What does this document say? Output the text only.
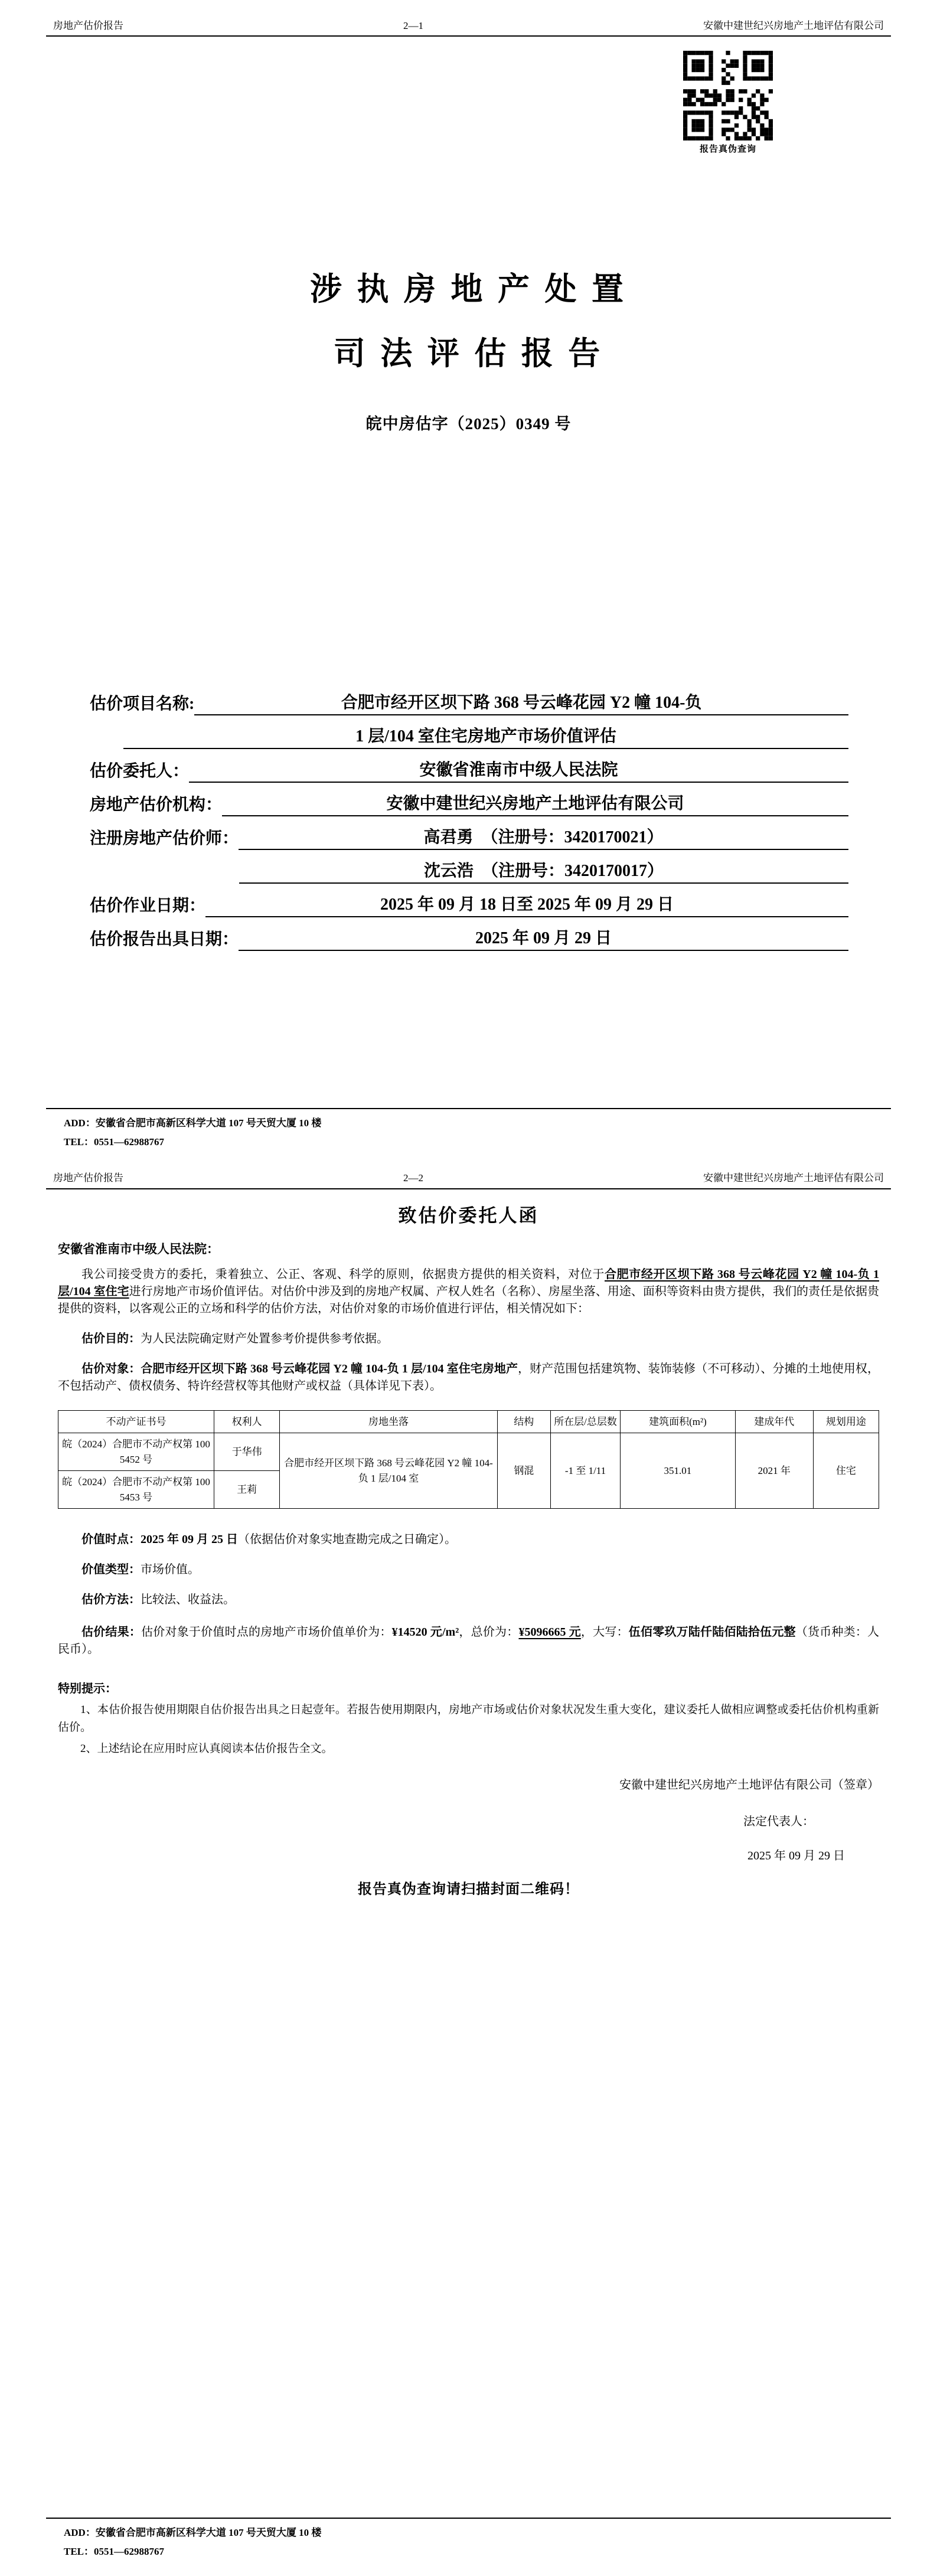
房地产估价报告	2—1	安徽中建世纪兴房地产土地评估有限公司
报告真伪查询
涉 执 房 地 产 处 置
司 法 评 估 报 告
皖中房估字（2025）0349 号
估价项目名称:	合肥市经开区坝下路 368 号云峰花园 Y2 幢 104-负
1 层/104 室住宅房地产市场价值评估
估价委托人：	安徽省淮南市中级人民法院
房地产估价机构：	安徽中建世纪兴房地产土地评估有限公司
注册房地产估价师：	高君勇　（注册号：3420170021）
沈云浩　（注册号：3420170017）
估价作业日期：	2025 年 09 月 18 日至 2025 年 09 月 29 日
估价报告出具日期：	2025 年 09 月 29 日
ADD：安徽省合肥市高新区科学大道 107 号天贸大厦 10 楼
TEL：0551—62988767
房地产估价报告	2—2	安徽中建世纪兴房地产土地评估有限公司
致估价委托人函
安徽省淮南市中级人民法院：

我公司接受贵方的委托，秉着独立、公正、客观、科学的原则，依据贵方提供的相关资料，对位于合肥市经开区坝下路 368 号云峰花园 Y2 幢 104-负 1 层/104 室住宅进行房地产市场价值评估。对估价中涉及到的房地产权属、产权人姓名（名称）、房屋坐落、用途、面积等资料由贵方提供，我们的责任是依据贵提供的资料，以客观公正的立场和科学的估价方法，对估价对象的市场价值进行评估，相关情况如下：

估价目的：为人民法院确定财产处置参考价提供参考依据。

估价对象：合肥市经开区坝下路 368 号云峰花园 Y2 幢 104-负 1 层/104 室住宅房地产，财产范围包括建筑物、装饰装修（不可移动）、分摊的土地使用权，不包括动产、债权债务、特许经营权等其他财产或权益（具体详见下表）。

不动产证书号	权利人	房地坐落	结构	所在层/总层数	建筑面积(m²)	建成年代	规划用途
皖（2024）合肥市不动产权第 1005452 号	于华伟	合肥市经开区坝下路 368 号云峰花园 Y2 幢 104-负 1 层/104 室	钢混	-1 至 1/11	351.01	2021 年	住宅
皖（2024）合肥市不动产权第 1005453 号	王莉						

价值时点：2025 年 09 月 25 日（依据估价对象实地查勘完成之日确定）。

价值类型：市场价值。

估价方法：比较法、收益法。

估价结果：估价对象于价值时点的房地产市场价值单价为：¥14520 元/m²，总价为：¥5096665 元，大写：伍佰零玖万陆仟陆佰陆拾伍元整（货币种类：人民币）。

特别提示：

1、本估价报告使用期限自估价报告出具之日起壹年。若报告使用期限内，房地产市场或估价对象状况发生重大变化，建议委托人做相应调整或委托估价机构重新估价。

2、上述结论在应用时应认真阅读本估价报告全文。

安徽中建世纪兴房地产土地评估有限公司（签章）
法定代表人：
2025 年 09 月 29 日
报告真伪查询请扫描封面二维码！
ADD：安徽省合肥市高新区科学大道 107 号天贸大厦 10 楼
TEL：0551—62988767
